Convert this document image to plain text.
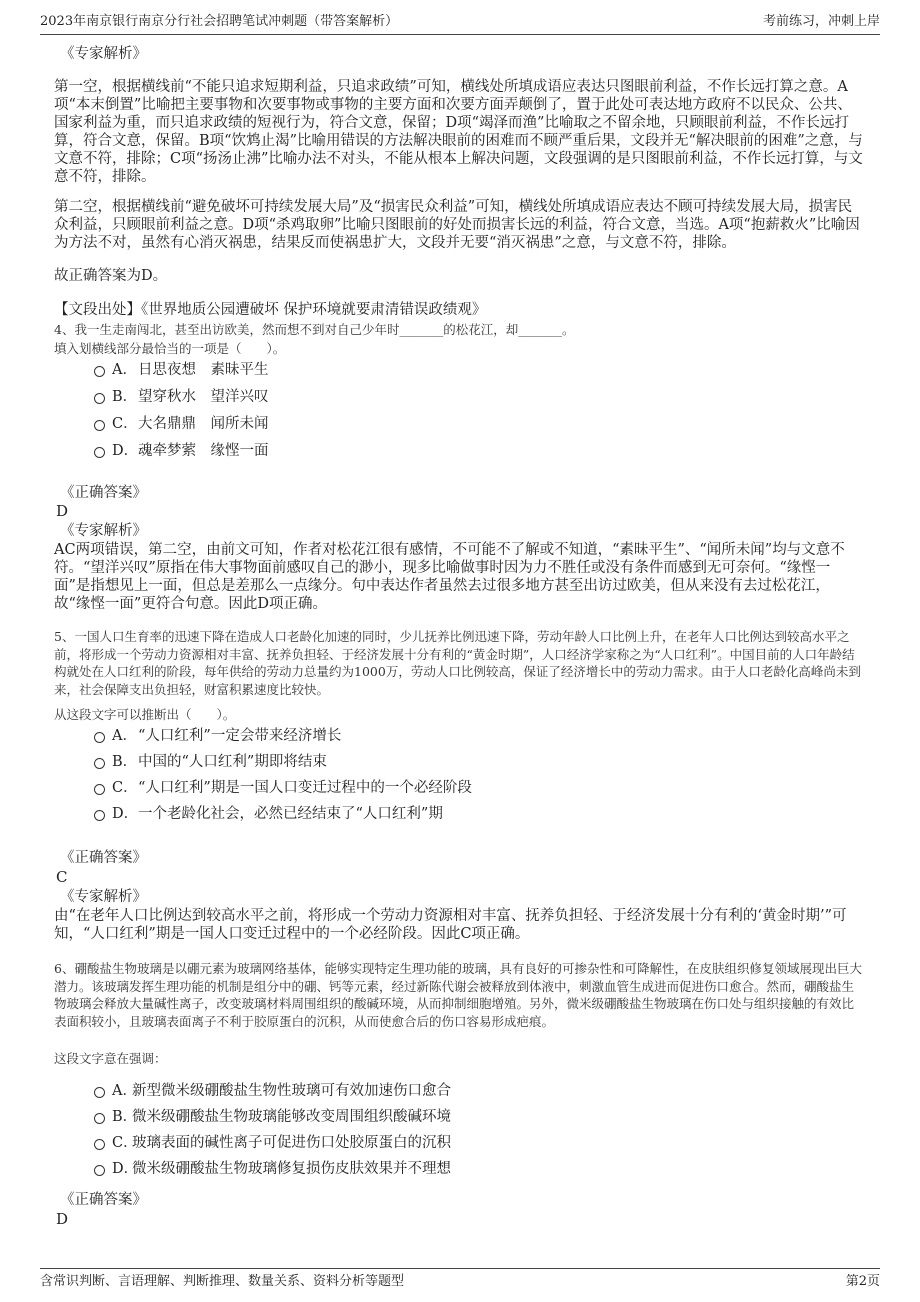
2023年南京银行南京分行社会招聘笔试冲刺题（带答案解析）	考前练习，冲刺上岸
《专家解析》

第一空，根据横线前“不能只追求短期利益，只追求政绩”可知，横线处所填成语应表达只图眼前利益，不作长远打算之意。A项“本末倒置”比喻把主要事物和次要事物或事物的主要方面和次要方面弄颠倒了，置于此处可表达地方政府不以民众、公共、国家利益为重，而只追求政绩的短视行为，符合文意，保留；D项“竭泽而渔”比喻取之不留余地，只顾眼前利益，不作长远打算，符合文意，保留。B项“饮鸩止渴”比喻用错误的方法解决眼前的困难而不顾严重后果，文段并无“解决眼前的困难”之意，与文意不符，排除；C项“扬汤止沸”比喻办法不对头，不能从根本上解决问题，文段强调的是只图眼前利益，不作长远打算，与文意不符，排除。

第二空，根据横线前“避免破坏可持续发展大局”及“损害民众利益”可知，横线处所填成语应表达不顾可持续发展大局，损害民众利益，只顾眼前利益之意。D项“杀鸡取卵”比喻只图眼前的好处而损害长远的利益，符合文意，当选。A项“抱薪救火”比喻因为方法不对，虽然有心消灭祸患，结果反而使祸患扩大，文段并无要“消灭祸患”之意，与文意不符，排除。

故正确答案为D。

【文段出处】《世界地质公园遭破坏 保护环境就要肃清错误政绩观》

4、我一生走南闯北，甚至出访欧美，然而想不到对自己少年时_______的松花江，却_______。

填入划横线部分最恰当的一项是（　　）。

A．日思夜想　素昧平生
B．望穿秋水　望洋兴叹
C．大名鼎鼎　闻所未闻
D．魂牵梦萦　缘悭一面
《正确答案》
D
《专家解析》

AC两项错误，第二空，由前文可知，作者对松花江很有感情，不可能不了解或不知道，“素昧平生”、“闻所未闻”均与文意不符。“望洋兴叹”原指在伟大事物面前感叹自己的渺小，现多比喻做事时因为力不胜任或没有条件而感到无可奈何。“缘悭一面”是指想见上一面，但总是差那么一点缘分。句中表达作者虽然去过很多地方甚至出访过欧美，但从来没有去过松花江，故“缘悭一面”更符合句意。因此D项正确。

5、一国人口生育率的迅速下降在造成人口老龄化加速的同时，少儿抚养比例迅速下降，劳动年龄人口比例上升，在老年人口比例达到较高水平之前，将形成一个劳动力资源相对丰富、抚养负担轻、于经济发展十分有利的“黄金时期”，人口经济学家称之为“人口红利”。中国目前的人口年龄结构就处在人口红利的阶段，每年供给的劳动力总量约为1000万，劳动人口比例较高，保证了经济增长中的劳动力需求。由于人口老龄化高峰尚未到来，社会保障支出负担轻，财富积累速度比较快。

从这段文字可以推断出（　　）。

A．“人口红利”一定会带来经济增长
B．中国的“人口红利”期即将结束
C．“人口红利”期是一国人口变迁过程中的一个必经阶段
D．一个老龄化社会，必然已经结束了“人口红利”期
《正确答案》
C
《专家解析》

由“在老年人口比例达到较高水平之前，将形成一个劳动力资源相对丰富、抚养负担轻、于经济发展十分有利的‘黄金时期’”可知，“人口红利”期是一国人口变迁过程中的一个必经阶段。因此C项正确。

6、硼酸盐生物玻璃是以硼元素为玻璃网络基体，能够实现特定生理功能的玻璃，具有良好的可掺杂性和可降解性，在皮肤组织修复领域展现出巨大潜力。该玻璃发挥生理功能的机制是组分中的硼、钙等元素，经过新陈代谢会被释放到体液中，刺激血管生成进而促进伤口愈合。然而，硼酸盐生物玻璃会释放大量碱性离子，改变玻璃材料周围组织的酸碱环境，从而抑制细胞增殖。另外，微米级硼酸盐生物玻璃在伤口处与组织接触的有效比表面积较小，且玻璃表面离子不利于胶原蛋白的沉积，从而使愈合后的伤口容易形成疤痕。

这段文字意在强调：

A．新型微米级硼酸盐生物性玻璃可有效加速伤口愈合
B．微米级硼酸盐生物玻璃能够改变周围组织酸碱环境
C．玻璃表面的碱性离子可促进伤口处胶原蛋白的沉积
D．微米级硼酸盐生物玻璃修复损伤皮肤效果并不理想
《正确答案》
D
含常识判断、言语理解、判断推理、数量关系、资料分析等题型	第2页
